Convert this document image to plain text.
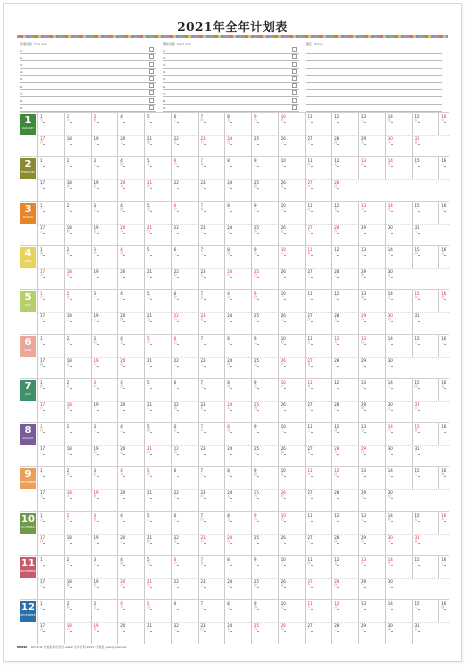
2021年全年计划表
年度目标 This Year
1.
2.
3.
4.
5.
6.
7.
8.
9.
明年目标 Next Year
1.
2.
3.
4.
5.
6.
7.
8.
9.
备忘 Notes
1
JANUARY
1
五
2
六
3
日
4
一
5
二
6
三
7
四
8
五
9
六
10
日
11
一
12
二
13
三
14
四
15
五
16
六
17
日
18
一
19
二
20
三
21
四
22
五
23
六
24
日
25
一
26
二
27
三
28
四
29
五
30
六
31
日
2
FEBRUARY
1
一
2
二
3
三
4
四
5
五
6
六
7
日
8
一
9
二
10
三
11
四
12
五
13
六
14
日
15
一
16
二
17
三
18
四
19
五
20
六
21
日
22
一
23
二
24
三
25
四
26
五
27
六
28
日
3
MARCH
1
一
2
二
3
三
4
四
5
五
6
六
7
日
8
一
9
二
10
三
11
四
12
五
13
六
14
日
15
一
16
二
17
三
18
四
19
五
20
六
21
日
22
一
23
二
24
三
25
四
26
五
27
六
28
日
29
一
30
二
31
三
4
APRIL
1
四
2
五
3
六
4
日
5
一
6
二
7
三
8
四
9
五
10
六
11
日
12
一
13
二
14
三
15
四
16
五
17
六
18
日
19
一
20
二
21
三
22
四
23
五
24
六
25
日
26
一
27
二
28
三
29
四
30
五
5
MAY
1
六
2
日
3
一
4
二
5
三
6
四
7
五
8
六
9
日
10
一
11
二
12
三
13
四
14
五
15
六
16
日
17
一
18
二
19
三
20
四
21
五
22
六
23
日
24
一
25
二
26
三
27
四
28
五
29
六
30
日
31
一
6
JUNE
1
二
2
三
3
四
4
五
5
六
6
日
7
一
8
二
9
三
10
四
11
五
12
六
13
日
14
一
15
二
16
三
17
四
18
五
19
六
20
日
21
一
22
二
23
三
24
四
25
五
26
六
27
日
28
一
29
二
30
三
7
JULY
1
四
2
五
3
六
4
日
5
一
6
二
7
三
8
四
9
五
10
六
11
日
12
一
13
二
14
三
15
四
16
五
17
六
18
日
19
一
20
二
21
三
22
四
23
五
24
六
25
日
26
一
27
二
28
三
29
四
30
五
31
六
8
AUGUST
1
日
2
一
3
二
4
三
5
四
6
五
7
六
8
日
9
一
10
二
11
三
12
四
13
五
14
六
15
日
16
一
17
二
18
三
19
四
20
五
21
六
22
日
23
一
24
二
25
三
26
四
27
五
28
六
29
日
30
一
31
二
9
SEPTEMBER
1
三
2
四
3
五
4
六
5
日
6
一
7
二
8
三
9
四
10
五
11
六
12
日
13
一
14
二
15
三
16
四
17
五
18
六
19
日
20
一
21
二
22
三
23
四
24
五
25
六
26
日
27
一
28
二
29
三
30
四
10
OCTOBER
1
五
2
六
3
日
4
一
5
二
6
三
7
四
8
五
9
六
10
日
11
一
12
二
13
三
14
四
15
五
16
六
17
日
18
一
19
二
20
三
21
四
22
五
23
六
24
日
25
一
26
二
27
三
28
四
29
五
30
六
31
日
11
NOVEMBER
1
一
2
二
3
三
4
四
5
五
6
六
7
日
8
一
9
二
10
三
11
四
12
五
13
六
14
日
15
一
16
二
17
三
18
四
19
五
20
六
21
日
22
一
23
二
24
三
25
四
26
五
27
六
28
日
29
一
30
二
12
DECEMBER
1
三
2
四
3
五
4
六
5
日
6
一
7
二
8
三
9
四
10
五
11
六
12
日
13
一
14
二
15
三
16
四
17
五
18
六
19
日
20
一
21
二
22
三
23
四
24
五
25
六
26
日
27
一
28
二
29
三
30
四
31
五
WWW DD-2-W 计划表年历设计 www 全年计划 2021 计划表 yearly planner
